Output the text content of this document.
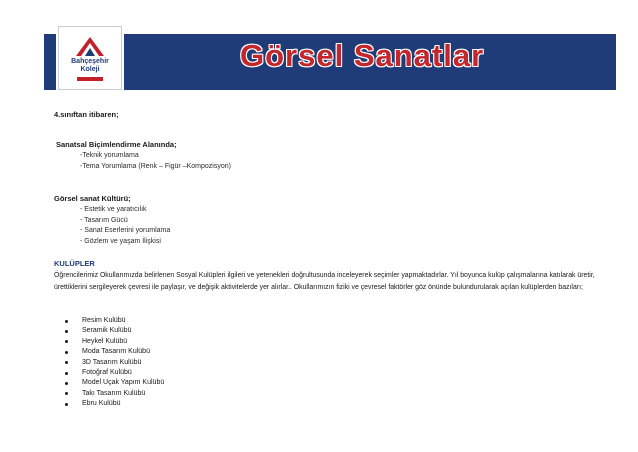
Bahçeşehir
Koleji	Görsel Sanatlar
4.sınıftan itibaren;
Sanatsal Biçimlendirme Alanında;
-Teknik yorumlama
-Tema Yorumlama (Renk – Figür –Kompozisyon)
Görsel sanat Kültürü;
- Estetik ve yaratıcılık
- Tasarım Gücü
- Sanat Eserlerini yorumlama
- Gözlem ve yaşam İlişkisi
KULÜPLER
Öğrencilerimiz Okullarımızda belirlenen Sosyal Kulüpleri ilgileri ve yetenekleri doğrultusunda inceleyerek seçimler yapmaktadırlar. Yıl boyunca kulüp çalışmalarına katılarak üretir, ürettiklerini sergileyerek çevresi ile paylaşır, ve değişik aktivitelerde yer alırlar.. Okullarımızın fiziki ve çevresel faktörler göz önünde bulundurularak açılan kulüplerden bazıları;
Resim Kulübü
Seramik Kulübü
Heykel Kulübü
Moda Tasarım Kulübü
3D Tasarım Kulübü
Fotoğraf Kulübü
Model Uçak Yapım Kulübü
Takı Tasarım Kulübü
Ebru Kulübü
